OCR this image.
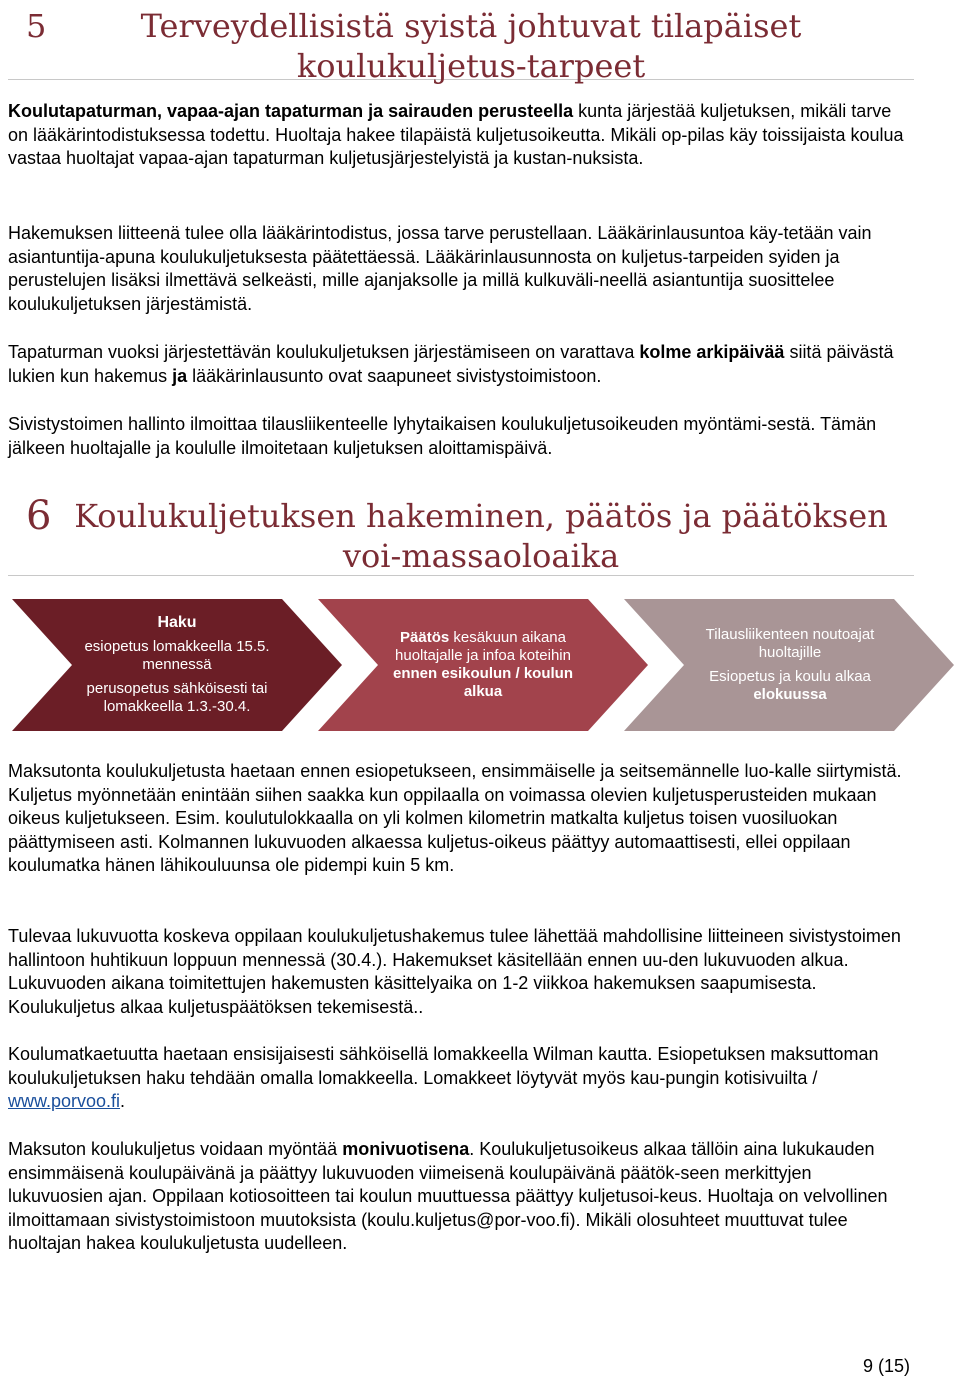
5	Terveydellisistä syistä johtuvat tilapäiset koulukuljetus-tarpeet

Koulutapaturman, vapaa-ajan tapaturman ja sairauden perusteella kunta järjestää kuljetuksen, mikäli tarve on lääkärintodistuksessa todettu. Huoltaja hakee tilapäistä kuljetusoikeutta. Mikäli op-pilas käy toissijaista koulua vastaa huoltajat vapaa-ajan tapaturman kuljetusjärjestelyistä ja kustan-nuksista.

Hakemuksen liitteenä tulee olla lääkärintodistus, jossa tarve perustellaan. Lääkärinlausuntoa käy-tetään vain asiantuntija-apuna koulukuljetuksesta päätettäessä. Lääkärinlausunnosta on kuljetus-tarpeiden syiden ja perustelujen lisäksi ilmettävä selkeästi, mille ajanjaksolle ja millä kulkuväli-neellä asiantuntija suosittelee koulukuljetuksen järjestämistä.

Tapaturman vuoksi järjestettävän koulukuljetuksen järjestämiseen on varattava kolme arkipäivää siitä päivästä lukien kun hakemus ja lääkärinlausunto ovat saapuneet sivistystoimistoon.

Sivistystoimen hallinto ilmoittaa tilausliikenteelle lyhytaikaisen koulukuljetusoikeuden myöntämi-sestä. Tämän jälkeen huoltajalle ja koululle ilmoitetaan kuljetuksen aloittamispäivä.

6 Koulukuljetuksen hakeminen, päätös ja päätöksen voi-massaoloaika
Haku
esiopetus lomakkeella 15.5. mennessä
perusopetus sähköisesti tai lomakkeella 1.3.-30.4.
Päätös kesäkuun aikana huoltajalle ja infoa koteihin ennen esikoulun / koulun alkua
Tilausliikenteen noutoajat huoltajille
Esiopetus ja koulu alkaa elokuussa

Maksutonta koulukuljetusta haetaan ennen esiopetukseen, ensimmäiselle ja seitsemännelle luo-kalle siirtymistä. Kuljetus myönnetään enintään siihen saakka kun oppilaalla on voimassa olevien kuljetusperusteiden mukaan oikeus kuljetukseen. Esim. koulutulokkaalla on yli kolmen kilometrin matkalta kuljetus toisen vuosiluokan päättymiseen asti. Kolmannen lukuvuoden alkaessa kuljetus-oikeus päättyy automaattisesti, ellei oppilaan koulumatka hänen lähikouluunsa ole pidempi kuin 5 km.

Tulevaa lukuvuotta koskeva oppilaan koulukuljetushakemus tulee lähettää mahdollisine liitteineen sivistystoimen hallintoon huhtikuun loppuun mennessä (30.4.). Hakemukset käsitellään ennen uu-den lukuvuoden alkua. Lukuvuoden aikana toimitettujen hakemusten käsittelyaika on 1-2 viikkoa hakemuksen saapumisesta. Koulukuljetus alkaa kuljetuspäätöksen tekemisestä..

Koulumatkaetuutta haetaan ensisijaisesti sähköisellä lomakkeella Wilman kautta. Esiopetuksen maksuttoman koulukuljetuksen haku tehdään omalla lomakkeella. Lomakkeet löytyvät myös kau-pungin kotisivuilta / www.porvoo.fi.

Maksuton koulukuljetus voidaan myöntää monivuotisena. Koulukuljetusoikeus alkaa tällöin aina lukukauden ensimmäisenä koulupäivänä ja päättyy lukuvuoden viimeisenä koulupäivänä päätök-seen merkittyjen lukuvuosien ajan. Oppilaan kotiosoitteen tai koulun muuttuessa päättyy kuljetusoi-keus. Huoltaja on velvollinen ilmoittamaan sivistystoimistoon muutoksista (koulu.kuljetus@por-voo.fi). Mikäli olosuhteet muuttuvat tulee huoltajan hakea koulukuljetusta uudelleen.

9 (15)
